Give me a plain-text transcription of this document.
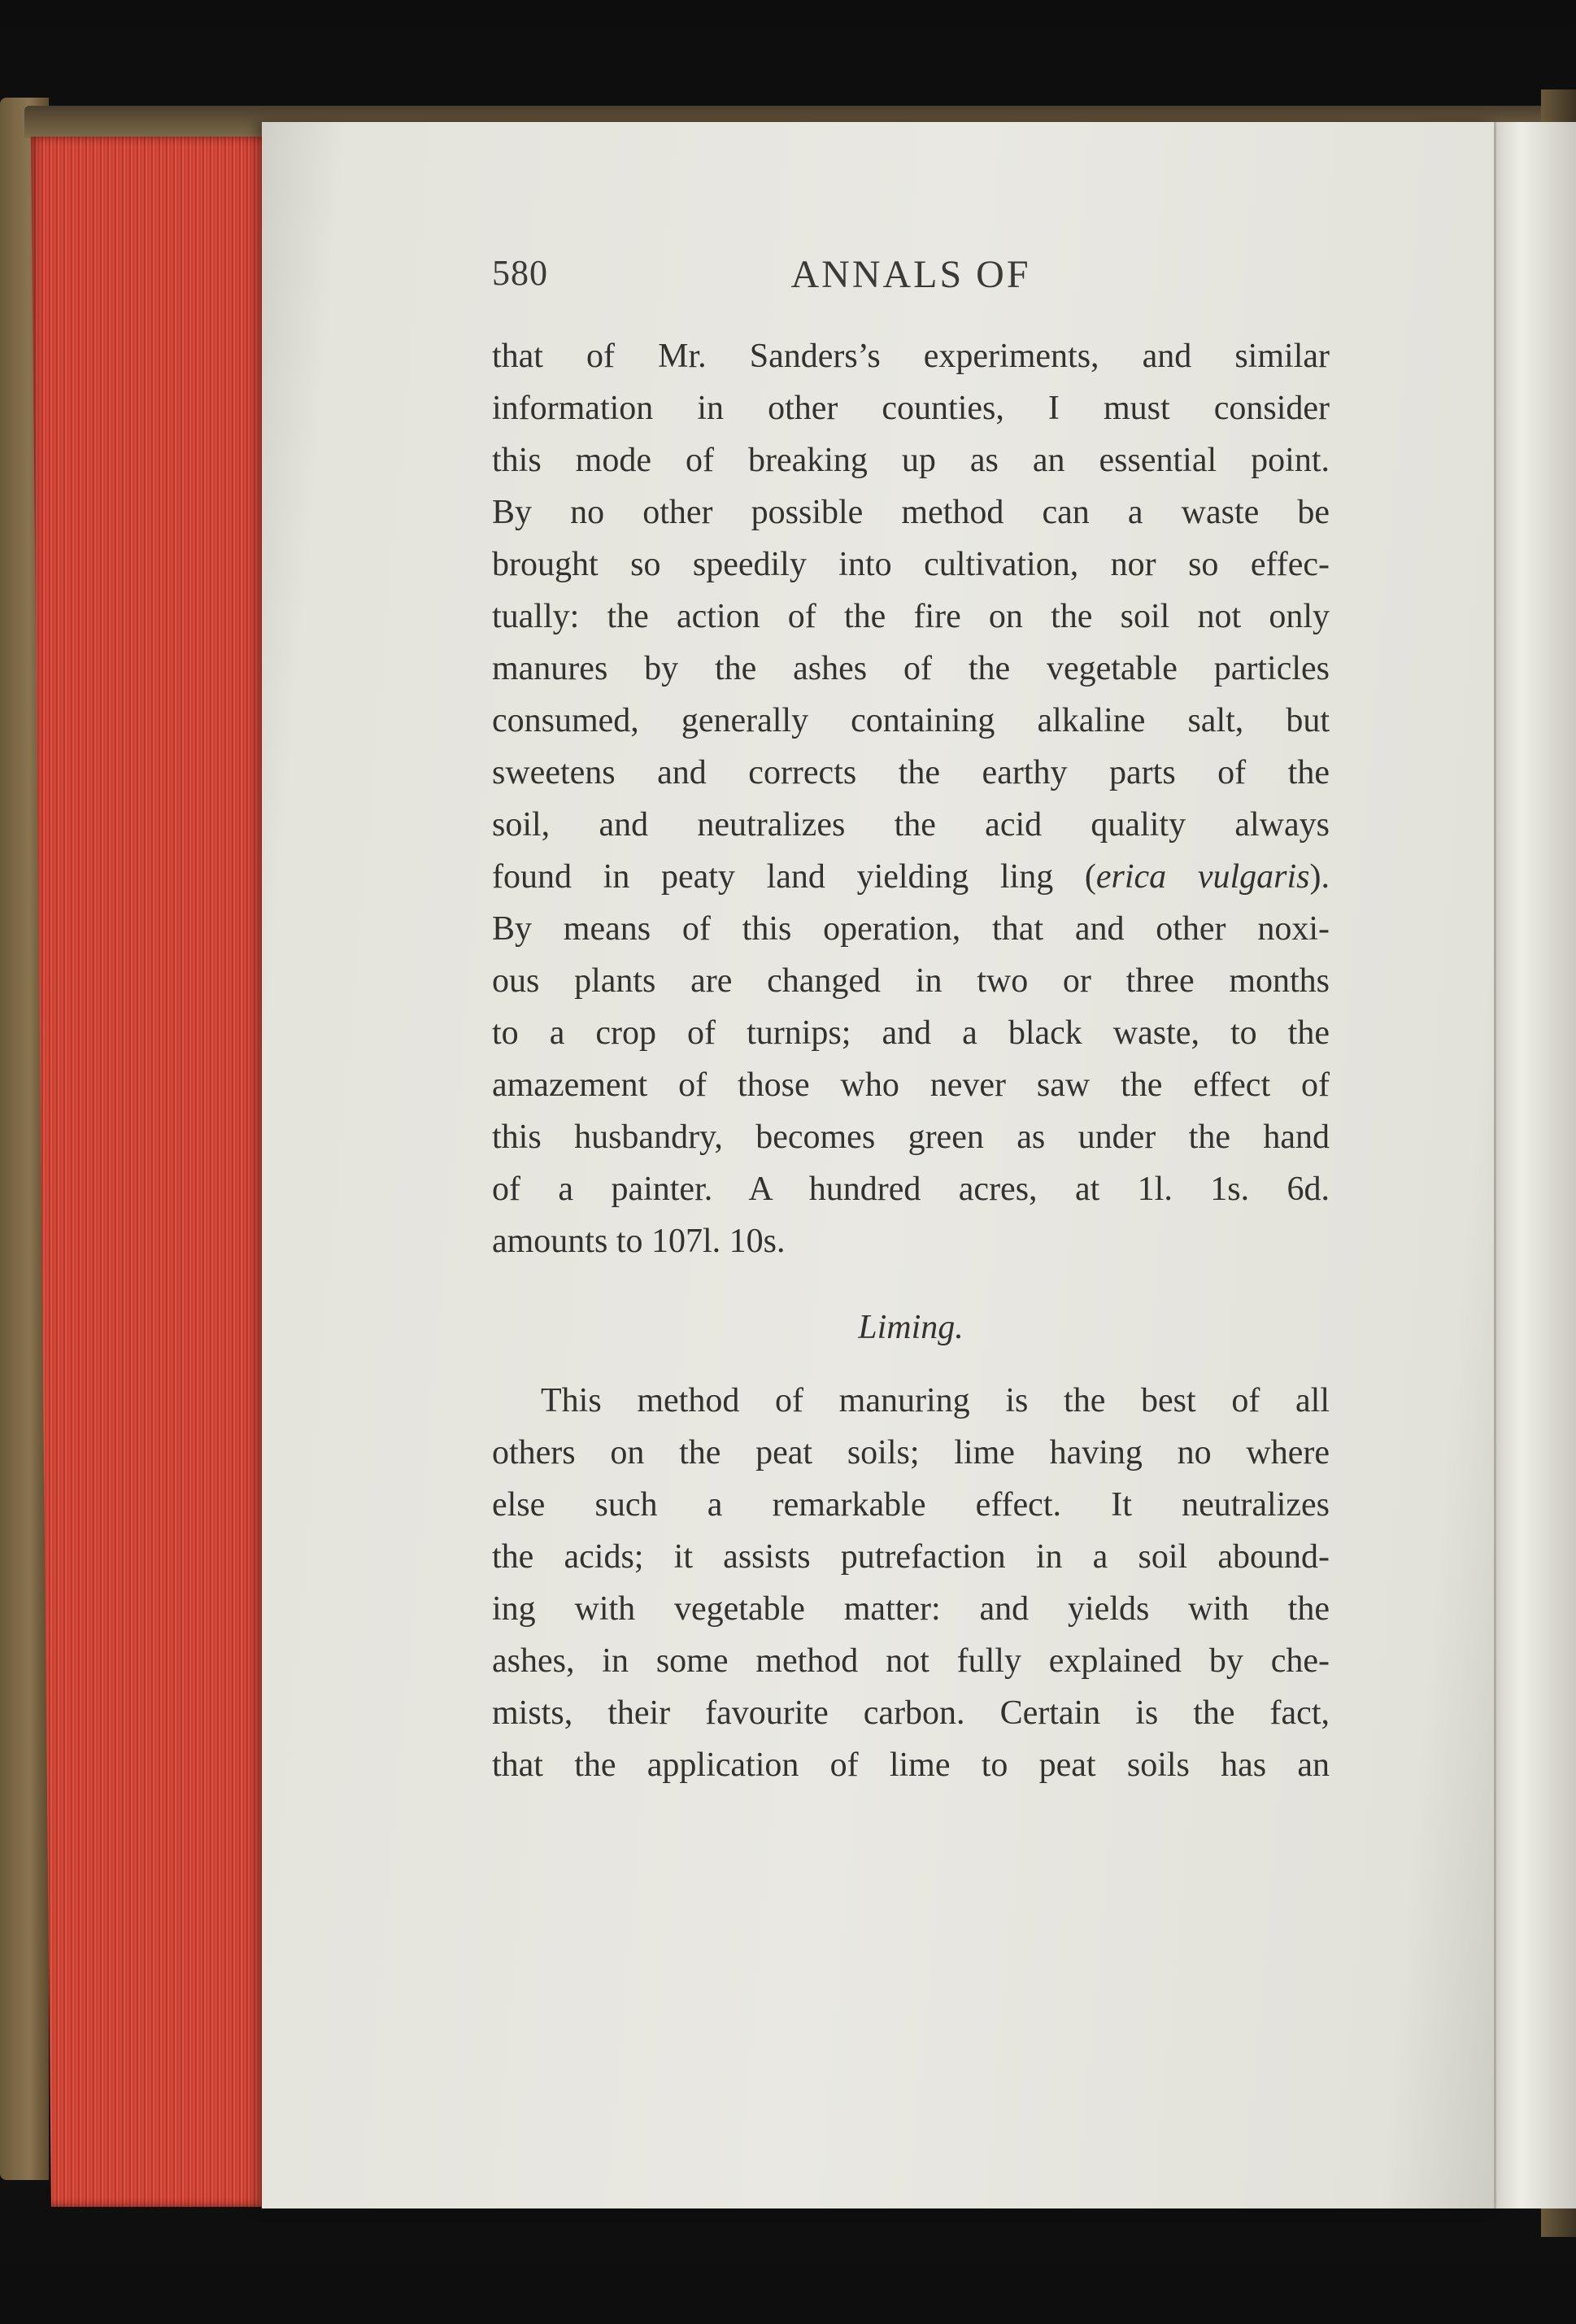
580	ANNALS OF
that of Mr. Sanders’s experiments, and similar
information in other counties, I must consider
this mode of breaking up as an essential point.
By no other possible method can a waste be
brought so speedily into cultivation, nor so effec-
tually: the action of the fire on the soil not only
manures by the ashes of the vegetable particles
consumed, generally containing alkaline salt, but
sweetens and corrects the earthy parts of the
soil, and neutralizes the acid quality always
found in peaty land yielding ling (erica vulgaris).
By means of this operation, that and other noxi-
ous plants are changed in two or three months
to a crop of turnips; and a black waste, to the
amazement of those who never saw the effect of
this husbandry, becomes green as under the hand
of a painter. A hundred acres, at 1l. 1s. 6d.
amounts to 107l. 10s.
Liming.
This method of manuring is the best of all
others on the peat soils; lime having no where
else such a remarkable effect. It neutralizes
the acids; it assists putrefaction in a soil abound-
ing with vegetable matter: and yields with the
ashes, in some method not fully explained by che-
mists, their favourite carbon. Certain is the fact,
that the application of lime to peat soils has an
